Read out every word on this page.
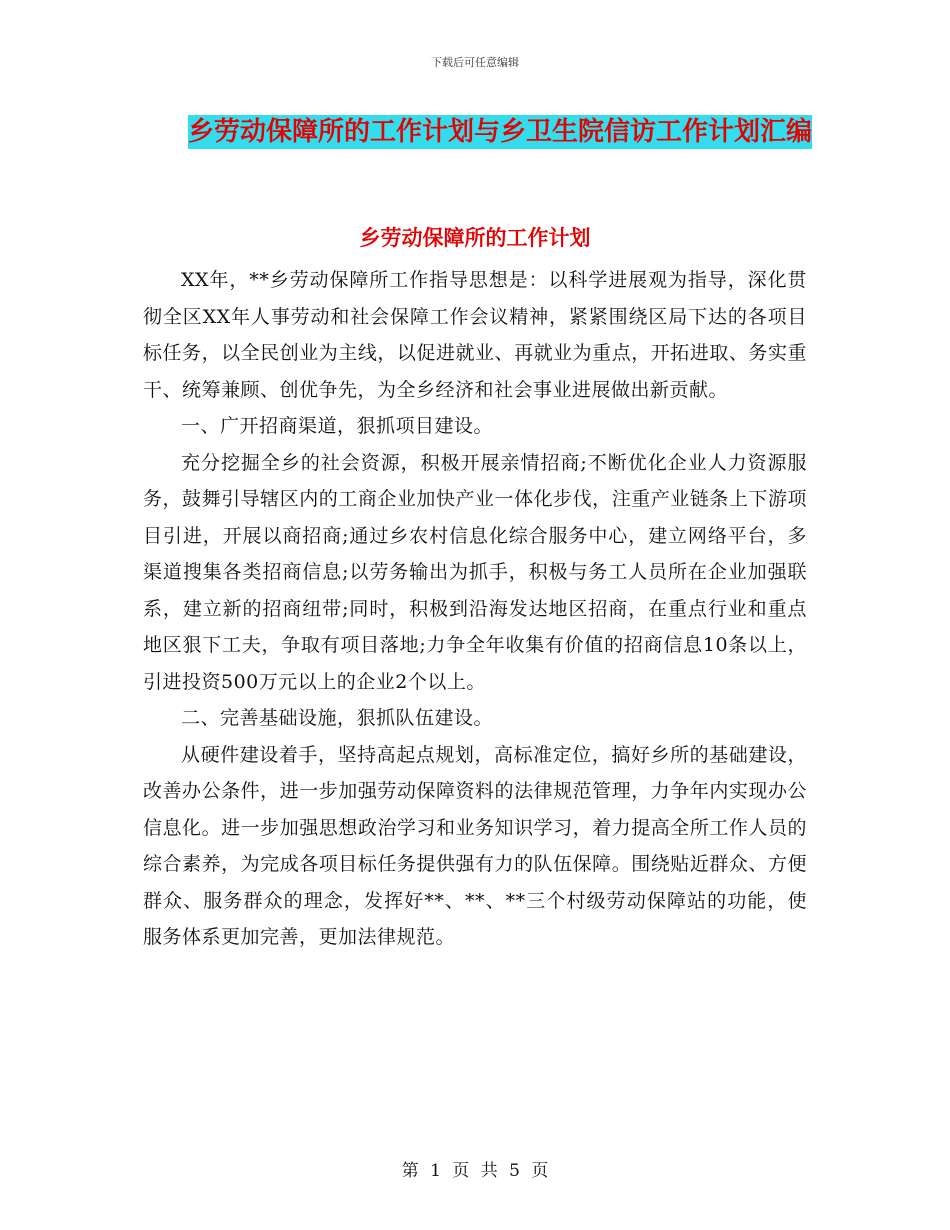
下载后可任意编辑
乡劳动保障所的工作计划与乡卫生院信访工作计划汇编
乡劳动保障所的工作计划

XX年，**乡劳动保障所工作指导思想是：以科学进展观为指导，深化贯彻全区XX年人事劳动和社会保障工作会议精神，紧紧围绕区局下达的各项目标任务，以全民创业为主线，以促进就业、再就业为重点，开拓进取、务实重干、统筹兼顾、创优争先，为全乡经济和社会事业进展做出新贡献。

一、广开招商渠道，狠抓项目建设。

充分挖掘全乡的社会资源，积极开展亲情招商;不断优化企业人力资源服务，鼓舞引导辖区内的工商企业加快产业一体化步伐，注重产业链条上下游项目引进，开展以商招商;通过乡农村信息化综合服务中心，建立网络平台，多渠道搜集各类招商信息;以劳务输出为抓手，积极与务工人员所在企业加强联系，建立新的招商纽带;同时，积极到沿海发达地区招商，在重点行业和重点地区狠下工夫，争取有项目落地;力争全年收集有价值的招商信息10条以上，引进投资500万元以上的企业2个以上。

二、完善基础设施，狠抓队伍建设。

从硬件建设着手，坚持高起点规划，高标准定位，搞好乡所的基础建设，改善办公条件，进一步加强劳动保障资料的法律规范管理，力争年内实现办公信息化。进一步加强思想政治学习和业务知识学习，着力提高全所工作人员的综合素养，为完成各项目标任务提供强有力的队伍保障。围绕贴近群众、方便群众、服务群众的理念，发挥好**、**、**三个村级劳动保障站的功能，使服务体系更加完善，更加法律规范。

第 1 页 共 5 页
